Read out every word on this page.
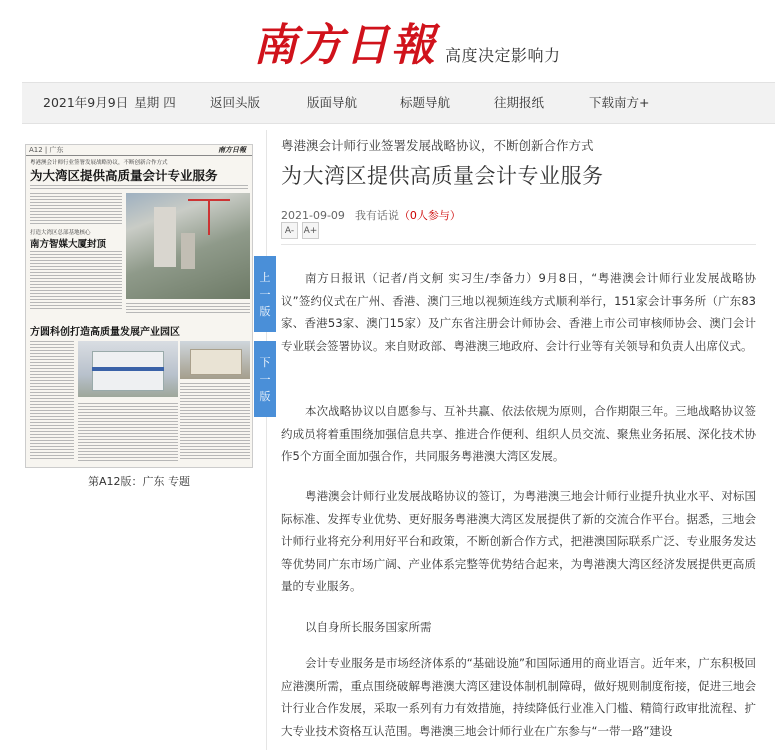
南方日報 高度决定影响力
2021年9月9日 星期 四	返回头版	版面导航	标题导航	往期报纸	下载南方+
A12 | 广东	南方日報
粤港澳会计师行业签署发展战略协议，不断创新合作方式
为大湾区提供高质量会计专业服务
打造大湾区总部基地核心
南方智媒大厦封顶
方圆科创打造高质量发展产业园区
第A12版：广东 专题
上
一
版
下
一
版
粤港澳会计师行业签署发展战略协议，不断创新合作方式
为大湾区提供高质量会计专业服务
2021-09-09 我有话说（0人参与）
A-	A+

南方日报讯（记者/肖文舸 实习生/李备力）9月8日，“粤港澳会计师行业发展战略协议”签约仪式在广州、香港、澳门三地以视频连线方式顺利举行，151家会计事务所（广东83家、香港53家、澳门15家）及广东省注册会计师协会、香港上市公司审核师协会、澳门会计专业联会签署协议。来自财政部、粤港澳三地政府、会计行业等有关领导和负责人出席仪式。

本次战略协议以自愿参与、互补共赢、依法依规为原则，合作期限三年。三地战略协议签约成员将着重围绕加强信息共享、推进合作便利、组织人员交流、聚焦业务拓展、深化技术协作5个方面全面加强合作，共同服务粤港澳大湾区发展。

粤港澳会计师行业发展战略协议的签订，为粤港澳三地会计师行业提升执业水平、对标国际标准、发挥专业优势、更好服务粤港澳大湾区发展提供了新的交流合作平台。据悉，三地会计师行业将充分利用好平台和政策，不断创新合作方式，把港澳国际联系广泛、专业服务发达等优势同广东市场广阔、产业体系完整等优势结合起来，为粤港澳大湾区经济发展提供更高质量的专业服务。

以自身所长服务国家所需

会计专业服务是市场经济体系的“基础设施”和国际通用的商业语言。近年来，广东积极回应港澳所需，重点围绕破解粤港澳大湾区建设体制机制障碍，做好规则制度衔接，促进三地会计行业合作发展，采取一系列有力有效措施，持续降低行业准入门槛、精简行政审批流程、扩大专业技术资格互认范围。粤港澳三地会计师行业在广东参与“一带一路”建设
